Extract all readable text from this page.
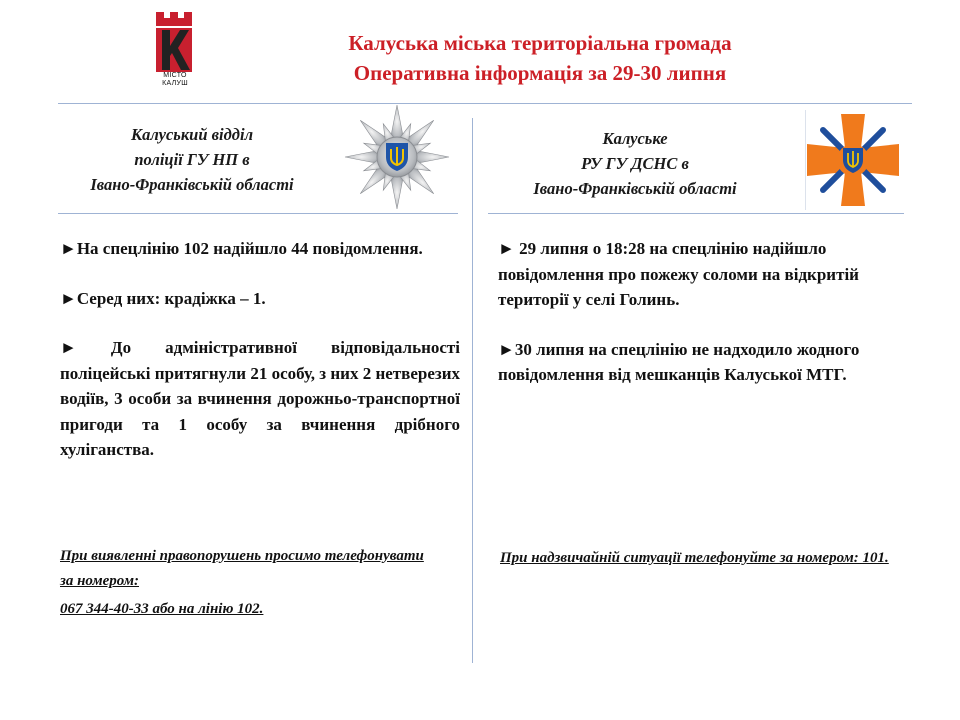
МІСТО
КАЛУШ
Калуська міська територіальна громада
Оперативна інформація за 29-30 липня
Калуський відділ
поліції ГУ НП в
Івано-Франківській області
Калуське
РУ ГУ ДСНС в
Івано-Франківській області

►На спецлінію 102 надійшло 44 повідомлення.

►Серед них: крадіжка – 1.

► До адміністративної відповідальності поліцейські притягнули 21 особу, з них 2 нетверезих водіїв, 3 особи за вчинення дорожньо-транспортної пригоди та 1 особу за вчинення дрібного хуліганства.

При виявленні правопорушень просимо телефонувати за номером:
067 344-40-33 або на лінію 102.

► 29 липня о 18:28 на спецлінію надійшло повідомлення про пожежу соломи на відкритій території у селі Голинь.

►30 липня на спецлінію не надходило жодного повідомлення від мешканців Калуської МТГ.

При надзвичайній ситуації телефонуйте за номером: 101.
